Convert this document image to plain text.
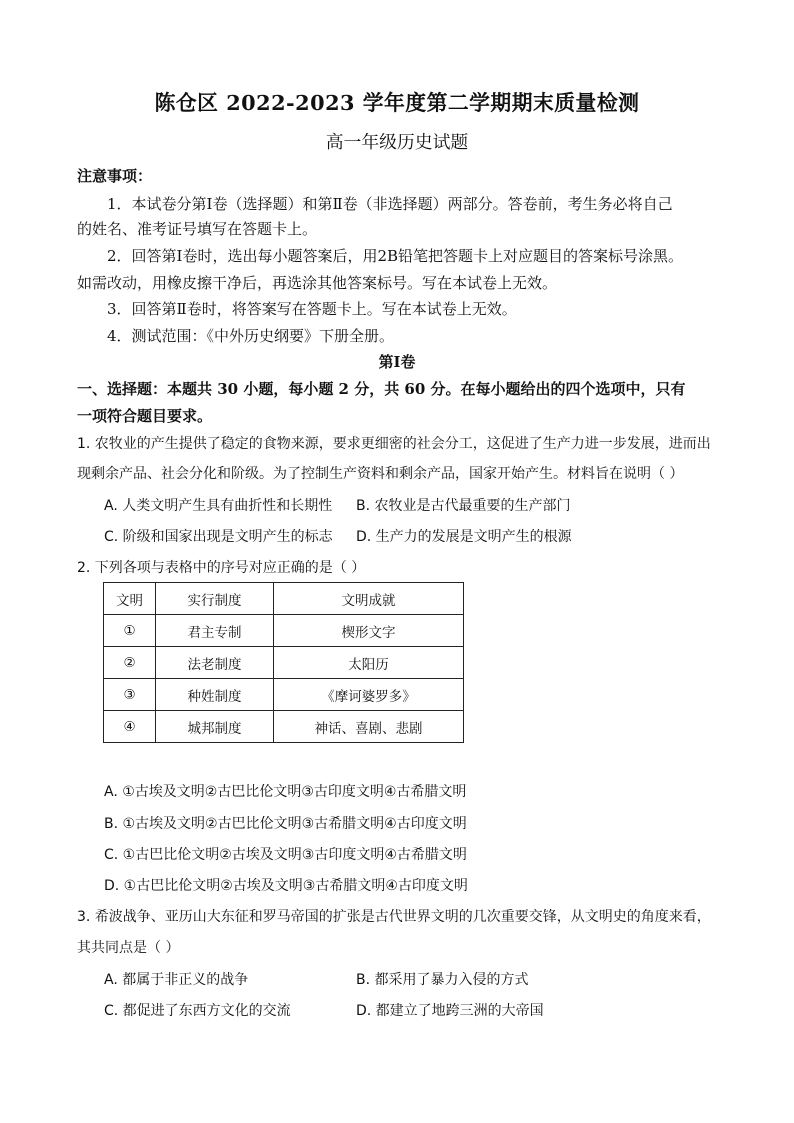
陈仓区 2022-2023 学年度第二学期期末质量检测
高一年级历史试题
注意事项：
1．本试卷分第Ⅰ卷（选择题）和第Ⅱ卷（非选择题）两部分。答卷前，考生务必将自己
的姓名、准考证号填写在答题卡上。
2．回答第Ⅰ卷时，选出每小题答案后，用2B铅笔把答题卡上对应题目的答案标号涂黑。
如需改动，用橡皮擦干净后，再选涂其他答案标号。写在本试卷上无效。
3．回答第Ⅱ卷时，将答案写在答题卡上。写在本试卷上无效。
4．测试范围：《中外历史纲要》下册全册。
第Ⅰ卷
一、选择题：本题共 30 小题，每小题 2 分，共 60 分。在每小题给出的四个选项中，只有
一项符合题目要求。
1. 农牧业的产生提供了稳定的食物来源，要求更细密的社会分工，这促进了生产力进一步发展，进而出
现剩余产品、社会分化和阶级。为了控制生产资料和剩余产品，国家开始产生。材料旨在说明（ ）
A. 人类文明产生具有曲折性和长期性 B. 农牧业是古代最重要的生产部门
C. 阶级和国家出现是文明产生的标志 D. 生产力的发展是文明产生的根源
2. 下列各项与表格中的序号对应正确的是（ ）
文明	实行制度	文明成就
①	君主专制	楔形文字
②	法老制度	太阳历
③	种姓制度	《摩诃婆罗多》
④	城邦制度	神话、喜剧、悲剧
A. ①古埃及文明②古巴比伦文明③古印度文明④古希腊文明
B. ①古埃及文明②古巴比伦文明③古希腊文明④古印度文明
C. ①古巴比伦文明②古埃及文明③古印度文明④古希腊文明
D. ①古巴比伦文明②古埃及文明③古希腊文明④古印度文明
3. 希波战争、亚历山大东征和罗马帝国的扩张是古代世界文明的几次重要交锋，从文明史的角度来看，
其共同点是（ ）
A. 都属于非正义的战争	B. 都采用了暴力入侵的方式
C. 都促进了东西方文化的交流	D. 都建立了地跨三洲的大帝国
